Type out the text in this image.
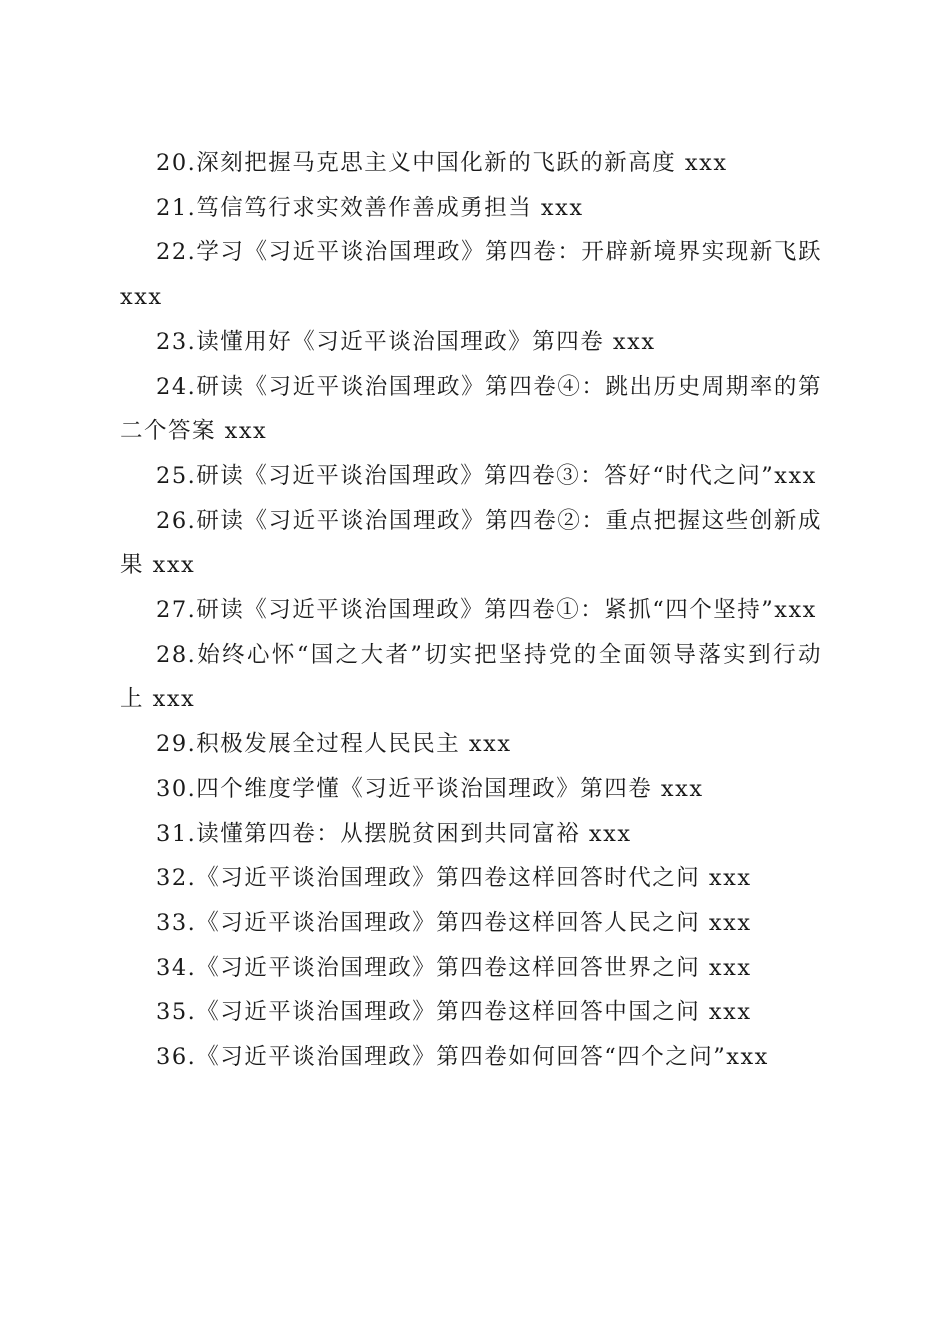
20.深刻把握马克思主义中国化新的飞跃的新高度 xxx

21.笃信笃行求实效善作善成勇担当 xxx

22.学习《习近平谈治国理政》第四卷：开辟新境界实现新飞跃 xxx

23.读懂用好《习近平谈治国理政》第四卷 xxx

24.研读《习近平谈治国理政》第四卷④：跳出历史周期率的第二个答案 xxx

25.研读《习近平谈治国理政》第四卷③：答好“时代之问”xxx

26.研读《习近平谈治国理政》第四卷②：重点把握这些创新成果 xxx

27.研读《习近平谈治国理政》第四卷①：紧抓“四个坚持”xxx

28.始终心怀“国之大者”切实把坚持党的全面领导落实到行动上 xxx

29.积极发展全过程人民民主 xxx

30.四个维度学懂《习近平谈治国理政》第四卷 xxx

31.读懂第四卷：从摆脱贫困到共同富裕 xxx

32.《习近平谈治国理政》第四卷这样回答时代之问 xxx

33.《习近平谈治国理政》第四卷这样回答人民之问 xxx

34.《习近平谈治国理政》第四卷这样回答世界之问 xxx

35.《习近平谈治国理政》第四卷这样回答中国之问 xxx

36.《习近平谈治国理政》第四卷如何回答“四个之问”xxx
